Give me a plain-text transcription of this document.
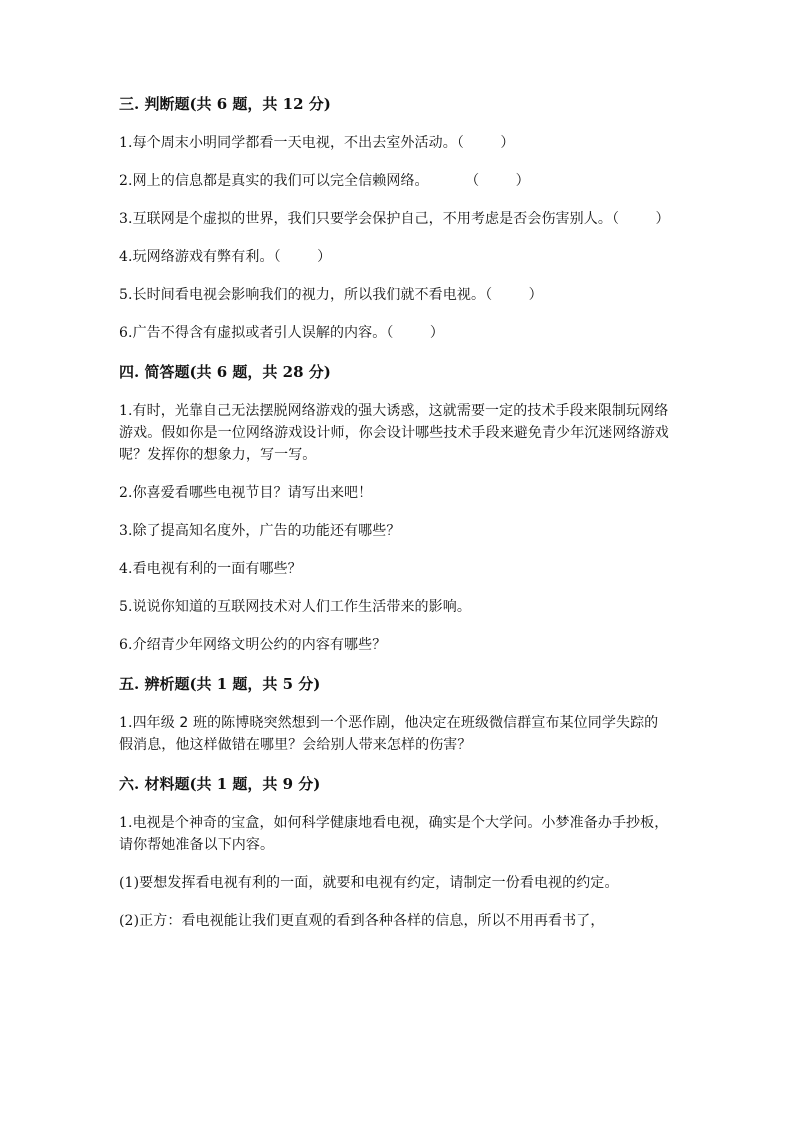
三. 判断题(共 6 题，共 12 分)
1.每个周末小明同学都看一天电视，不出去室外活动。（        ）
2.网上的信息都是真实的我们可以完全信赖网络。        （        ）
3.互联网是个虚拟的世界，我们只要学会保护自己，不用考虑是否会伤害别人。（        ）
4.玩网络游戏有弊有利。（        ）
5.长时间看电视会影响我们的视力，所以我们就不看电视。（        ）
6.广告不得含有虚拟或者引人误解的内容。（        ）
四. 简答题(共 6 题，共 28 分)
1.有时，光靠自己无法摆脱网络游戏的强大诱惑，这就需要一定的技术手段来限制玩网络游戏。假如你是一位网络游戏设计师，你会设计哪些技术手段来避免青少年沉迷网络游戏呢？发挥你的想象力，写一写。
2.你喜爱看哪些电视节目？请写出来吧！
3.除了提高知名度外，广告的功能还有哪些？
4.看电视有利的一面有哪些？
5.说说你知道的互联网技术对人们工作生活带来的影响。
6.介绍青少年网络文明公约的内容有哪些？
五. 辨析题(共 1 题，共 5 分)
1.四年级 2 班的陈博晓突然想到一个恶作剧，他决定在班级微信群宣布某位同学失踪的假消息，他这样做错在哪里？会给别人带来怎样的伤害？
六. 材料题(共 1 题，共 9 分)
1.电视是个神奇的宝盒，如何科学健康地看电视，确实是个大学问。小梦准备办手抄板，请你帮她准备以下内容。
(1)要想发挥看电视有利的一面，就要和电视有约定，请制定一份看电视的约定。
(2)正方：看电视能让我们更直观的看到各种各样的信息，所以不用再看书了，
